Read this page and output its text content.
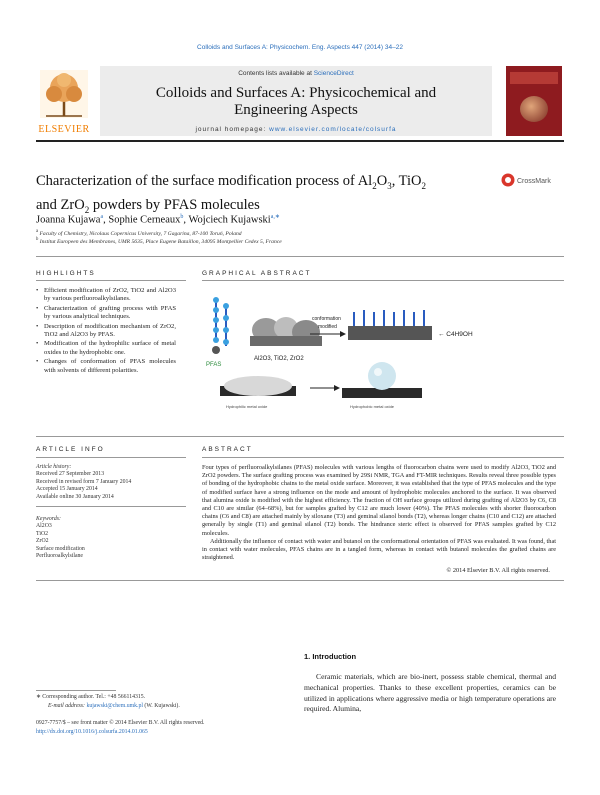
Colloids and Surfaces A: Physicochem. Eng. Aspects 447 (2014) 34–22
ELSEVIER
Contents lists available at ScienceDirect
Colloids and Surfaces A: Physicochemical and
Engineering Aspects
journal homepage: www.elsevier.com/locate/colsurfa
Characterization of the surface modification process of $Al_2O_3$, TiO$_2$
and ZrO$_2$ powders by PFAS molecules
CrossMark
Joanna Kujawa$^a$, Sophie Cerneaux$^b$, Wojciech Kujawski$^{a,∗}$
$^a$ Faculty of Chemistry, Nicolaus Copernicus University, 7 Gagarina, 87-100 Toruń, Poland
$^b$ Institut Europeen des Membranes, UMR 5635, Place Eugene Bataillon, 34095 Montpellier Cedex 5, France
HIGHLIGHTS	GRAPHICAL ABSTRACT
• Efficient modification of ZrO2, TiO2 and Al2O3 by various perfluoroalkylsilanes.
• Characterization of grafting process with PFAS by various analytical techniques.
• Description of modification mechanism of ZrO2, TiO2 and Al2O3 by PFAS.
• Modification of the hydrophilic surface of metal oxides to the hydrophobic one.
• Changes of conformation of PFAS molecules with solvents of different polarities.
PFAS
Al2O3, TiO2, ZrO2
conformation
modified
← C4H9OH
Hydrophilic metal oxide	Hydrophobic metal oxide
ARTICLE INFO	ABSTRACT
Article history:
Received 27 September 2013
Received in revised form 7 January 2014
Accepted 15 January 2014
Available online 30 January 2014
Keywords:
Al2O3
TiO2
ZrO2
Surface modification
Perfluoroalkylsilane

Four types of perfluoroalkylsilanes (PFAS) molecules with various lengths of fluorocarbon chains were used to modify Al2O3, TiO2 and ZrO2 powders. The surface grafting process was examined by 29Si NMR, TGA and FT-MIR techniques. Results reveal three possible types of bonding of the hydrophobic chains to the metal oxide surface. Moreover, it was established that the type of PFAS molecules and the type of modified surface have a strong influence on the mode and amount of hydrophobic molecules anchored to the surface. It was observed that alumina oxide is modified with the highest efficiency. The fraction of OH surface groups utilized during grafting of Al2O3 by C6, C8 and C10 are similar (64–68%), but for samples grafted by C12 are much lower (40%). The PFAS molecules with shorter fluorocarbon chains (C6 and C8) are attached mainly by siloxane (T3) and geminal silanol bonds (T2), whereas longer chains (C10 and C12) are attached generally by single (T1) and geminal silanol (T2) bonds. The hindrance steric effect is observed for PFAS samples grafted by C12 molecules.

Additionally the influence of contact with water and butanol on the conformational orientation of PFAS was evaluated. It was found, that in contact with water molecules, PFAS chains are in a tangled form, whereas in contact with butanol molecules the grafted chains are straightened.

© 2014 Elsevier B.V. All rights reserved.
1. Introduction
Ceramic materials, which are bio-inert, possess stable chemical, thermal and mechanical properties. Thanks to these excellent properties, ceramics can be utilized in applications where aggressive media or high temperature operations are required. Alumina,
∗ Corresponding author. Tel.: +48 566114315.
E-mail address: kujawski@chem.umk.pl (W. Kujawski).
0927-7757/$ – see front matter © 2014 Elsevier B.V. All rights reserved.
http://dx.doi.org/10.1016/j.colsurfa.2014.01.065
